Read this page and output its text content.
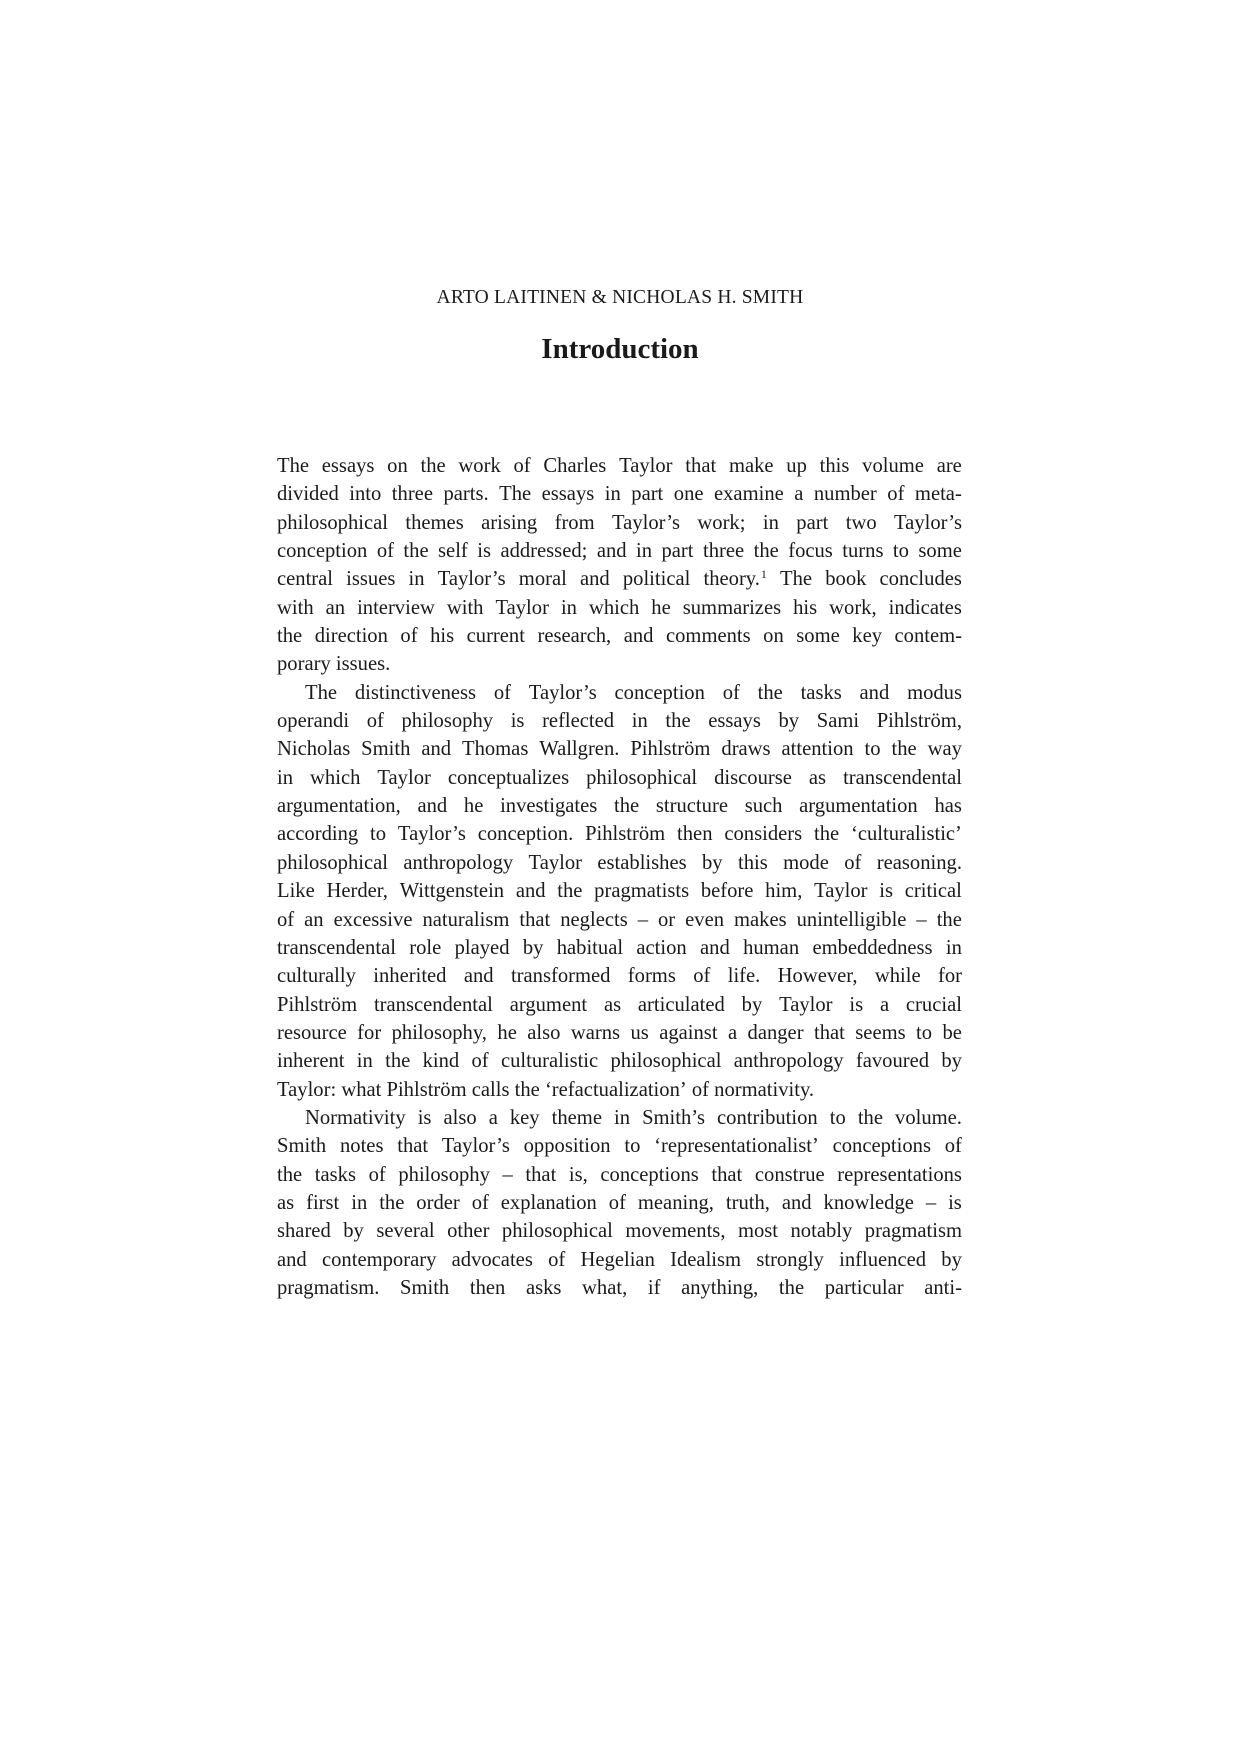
ARTO LAITINEN & NICHOLAS H. SMITH
Introduction
The essays on the work of Charles Taylor that make up this volume are
divided into three parts. The essays in part one examine a number of meta-
philosophical themes arising from Taylor’s work; in part two Taylor’s
conception of the self is addressed; and in part three the focus turns to some
central issues in Taylor’s moral and political theory.$^1$ The book concludes
with an interview with Taylor in which he summarizes his work, indicates
the direction of his current research, and comments on some key contem-
porary issues.
The distinctiveness of Taylor’s conception of the tasks and modus
operandi of philosophy is reflected in the essays by Sami Pihlström,
Nicholas Smith and Thomas Wallgren. Pihlström draws attention to the way
in which Taylor conceptualizes philosophical discourse as transcendental
argumentation, and he investigates the structure such argumentation has
according to Taylor’s conception. Pihlström then considers the ‘culturalistic’
philosophical anthropology Taylor establishes by this mode of reasoning.
Like Herder, Wittgenstein and the pragmatists before him, Taylor is critical
of an excessive naturalism that neglects – or even makes unintelligible – the
transcendental role played by habitual action and human embeddedness in
culturally inherited and transformed forms of life. However, while for
Pihlström transcendental argument as articulated by Taylor is a crucial
resource for philosophy, he also warns us against a danger that seems to be
inherent in the kind of culturalistic philosophical anthropology favoured by
Taylor: what Pihlström calls the ‘refactualization’ of normativity.
Normativity is also a key theme in Smith’s contribution to the volume.
Smith notes that Taylor’s opposition to ‘representationalist’ conceptions of
the tasks of philosophy – that is, conceptions that construe representations
as first in the order of explanation of meaning, truth, and knowledge – is
shared by several other philosophical movements, most notably pragmatism
and contemporary advocates of Hegelian Idealism strongly influenced by
pragmatism. Smith then asks what, if anything, the particular anti-
